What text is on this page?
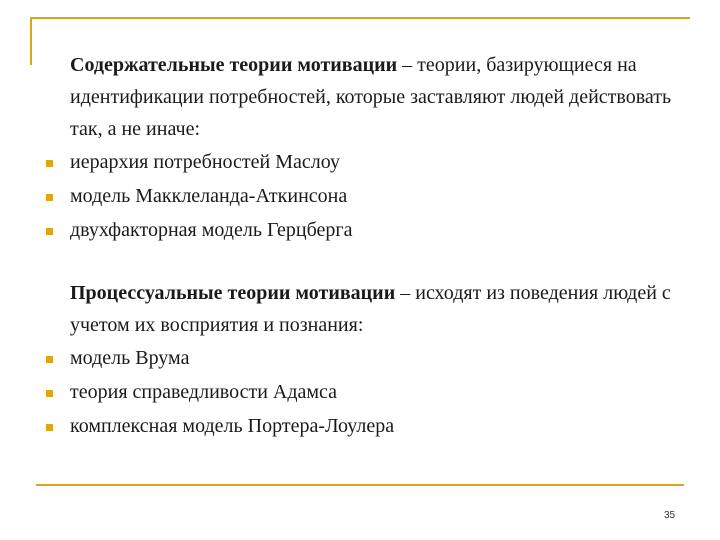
Содержательные теории мотивации – теории, базирующиеся на идентификации потребностей, которые заставляют людей действовать так, а не иначе:

иерархия потребностей Маслоу
модель Макклеланда-Аткинсона
двухфакторная модель Герцберга

Процессуальные теории мотивации – исходят из поведения людей с учетом их восприятия и познания:

модель Врума
теория справедливости Адамса
комплексная модель Портера-Лоулера
35
